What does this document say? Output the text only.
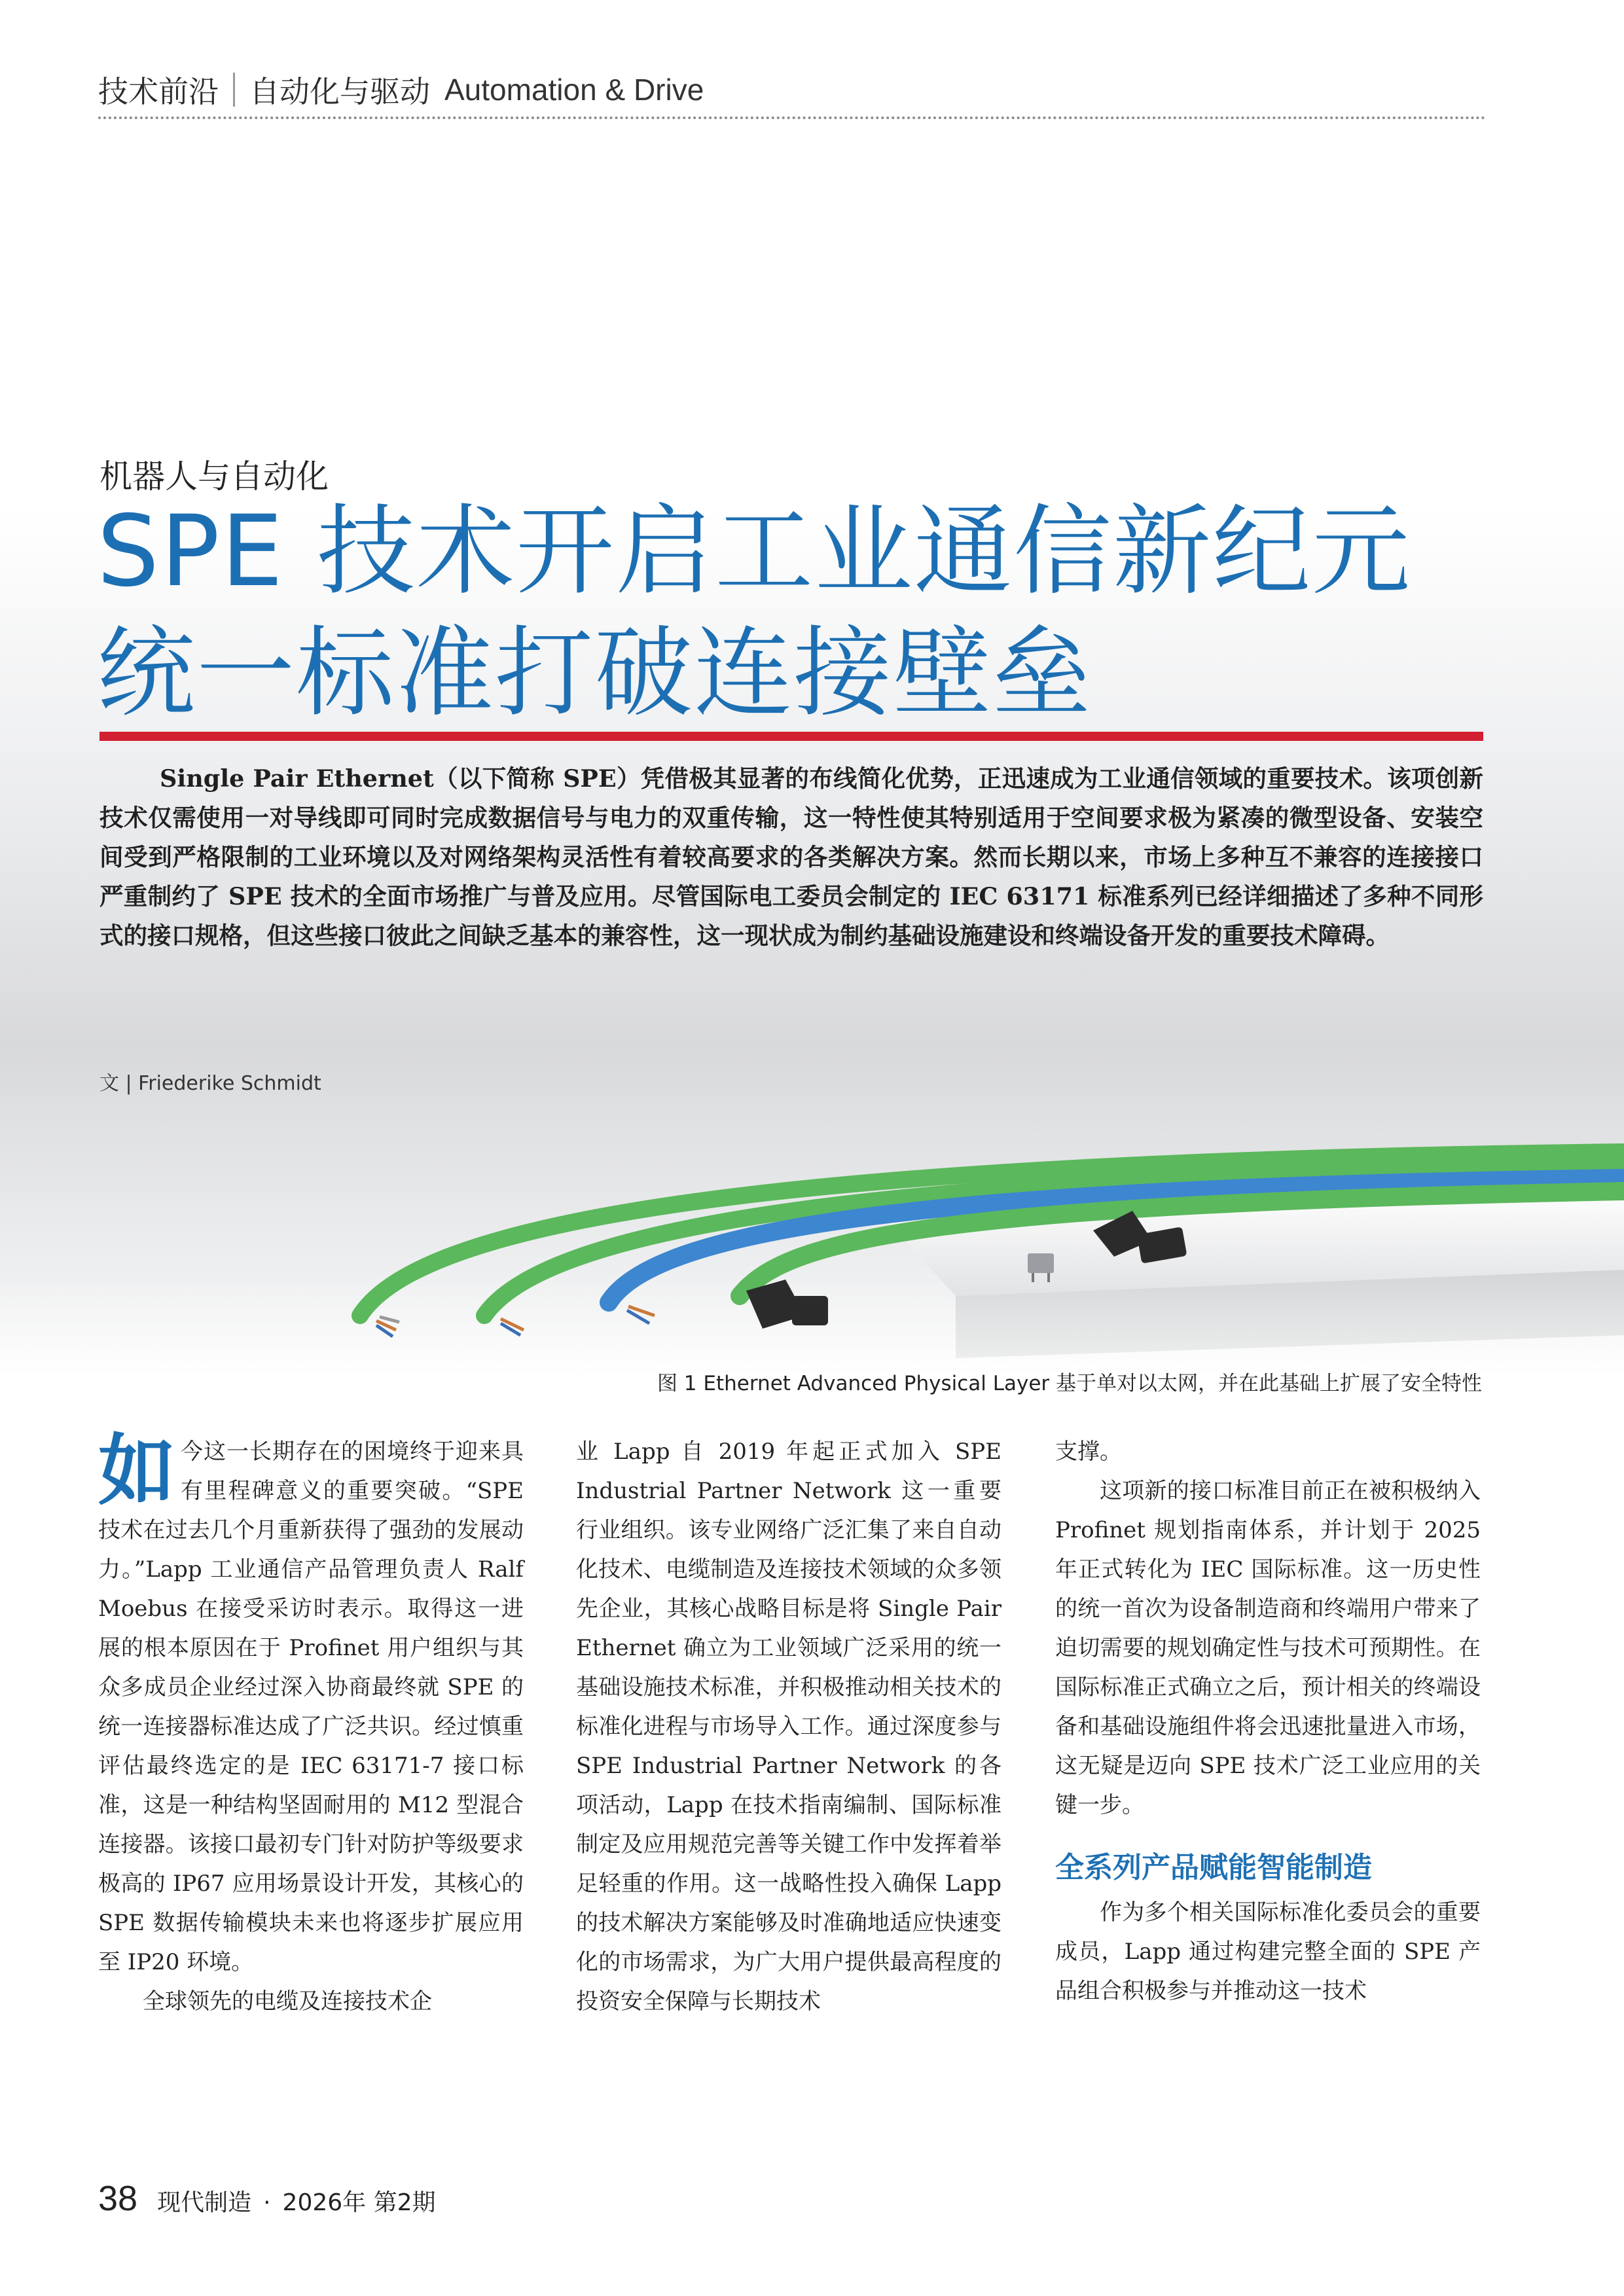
技术前沿 自动化与驱动 Automation & Drive
机器人与自动化
SPE 技术开启工业通信新纪元
统一标准打破连接壁垒
Single Pair Ethernet（以下简称 SPE）凭借极其显著的布线简化优势，正迅速成为工业通信领域的重要技术。该项创新技术仅需使用一对导线即可同时完成数据信号与电力的双重传输，这一特性使其特别适用于空间要求极为紧凑的微型设备、安装空间受到严格限制的工业环境以及对网络架构灵活性有着较高要求的各类解决方案。然而长期以来，市场上多种互不兼容的连接接口严重制约了 SPE 技术的全面市场推广与普及应用。尽管国际电工委员会制定的 IEC 63171 标准系列已经详细描述了多种不同形式的接口规格，但这些接口彼此之间缺乏基本的兼容性，这一现状成为制约基础设施建设和终端设备开发的重要技术障碍。
文 | Friederike Schmidt
图 1 Ethernet Advanced Physical Layer 基于单对以太网，并在此基础上扩展了安全特性

如今这一长期存在的困境终于迎来具有里程碑意义的重要突破。“SPE 技术在过去几个月重新获得了强劲的发展动力。”Lapp 工业通信产品管理负责人 Ralf Moebus 在接受采访时表示。取得这一进展的根本原因在于 Profinet 用户组织与其众多成员企业经过深入协商最终就 SPE 的统一连接器标准达成了广泛共识。经过慎重评估最终选定的是 IEC 63171-7 接口标准，这是一种结构坚固耐用的 M12 型混合连接器。该接口最初专门针对防护等级要求极高的 IP67 应用场景设计开发，其核心的 SPE 数据传输模块未来也将逐步扩展应用至 IP20 环境。

全球领先的电缆及连接技术企

业 Lapp 自 2019 年起正式加入 SPE Industrial Partner Network 这一重要行业组织。该专业网络广泛汇集了来自自动化技术、电缆制造及连接技术领域的众多领先企业，其核心战略目标是将 Single Pair Ethernet 确立为工业领域广泛采用的统一基础设施技术标准，并积极推动相关技术的标准化进程与市场导入工作。通过深度参与 SPE Industrial Partner Network 的各项活动，Lapp 在技术指南编制、国际标准制定及应用规范完善等关键工作中发挥着举足轻重的作用。这一战略性投入确保 Lapp 的技术解决方案能够及时准确地适应快速变化的市场需求，为广大用户提供最高程度的投资安全保障与长期技术

支撑。

这项新的接口标准目前正在被积极纳入 Profinet 规划指南体系，并计划于 2025 年正式转化为 IEC 国际标准。这一历史性的统一首次为设备制造商和终端用户带来了迫切需要的规划确定性与技术可预期性。在国际标准正式确立之后，预计相关的终端设备和基础设施组件将会迅速批量进入市场，这无疑是迈向 SPE 技术广泛工业应用的关键一步。

全系列产品赋能智能制造

作为多个相关国际标准化委员会的重要成员，Lapp 通过构建完整全面的 SPE 产品组合积极参与并推动这一技术

38 现代制造 · 2026年 第2期
